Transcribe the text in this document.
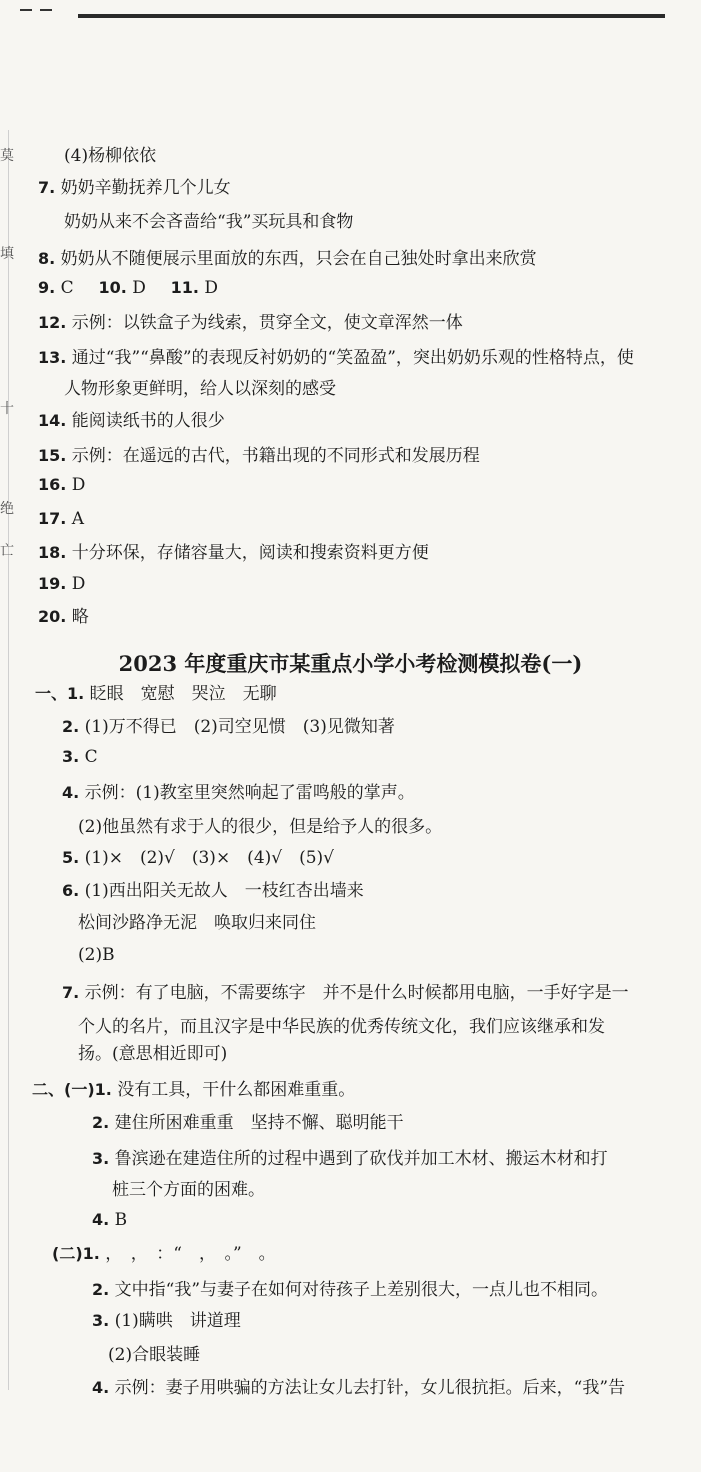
莫
填
十
绝
亡
(4)杨柳依依
7. 奶奶辛勤抚养几个儿女
奶奶从来不会吝啬给“我”买玩具和食物
8. 奶奶从不随便展示里面放的东西，只会在自己独处时拿出来欣赏
9. C 10. D 11. D
12. 示例：以铁盒子为线索，贯穿全文，使文章浑然一体
13. 通过“我”“鼻酸”的表现反衬奶奶的“笑盈盈”，突出奶奶乐观的性格特点，使
人物形象更鲜明，给人以深刻的感受
14. 能阅读纸书的人很少
15. 示例：在遥远的古代，书籍出现的不同形式和发展历程
16. D
17. A
18. 十分环保，存储容量大，阅读和搜索资料更方便
19. D
20. 略
2023 年度重庆市某重点小学小考检测模拟卷(一)
一、1. 眨眼　宽慰　哭泣　无聊
2. (1)万不得已　(2)司空见惯　(3)见微知著
3. C
4. 示例：(1)教室里突然响起了雷鸣般的掌声。
(2)他虽然有求于人的很少，但是给予人的很多。
5. (1)×　(2)√　(3)×　(4)√　(5)√
6. (1)西出阳关无故人　一枝红杏出墙来
松间沙路净无泥　唤取归来同住
(2)B
7. 示例：有了电脑，不需要练字　并不是什么时候都用电脑，一手好字是一
个人的名片，而且汉字是中华民族的优秀传统文化，我们应该继承和发
扬。(意思相近即可)
二、(一)1. 没有工具，干什么都困难重重。
2. 建住所困难重重　坚持不懈、聪明能干
3. 鲁滨逊在建造住所的过程中遇到了砍伐并加工木材、搬运木材和打
桩三个方面的困难。
4. B
(二)1. ，　，　：“　，　。”　。
2. 文中指“我”与妻子在如何对待孩子上差别很大，一点儿也不相同。
3. (1)瞒哄　讲道理
(2)合眼装睡
4. 示例：妻子用哄骗的方法让女儿去打针，女儿很抗拒。后来，“我”告
